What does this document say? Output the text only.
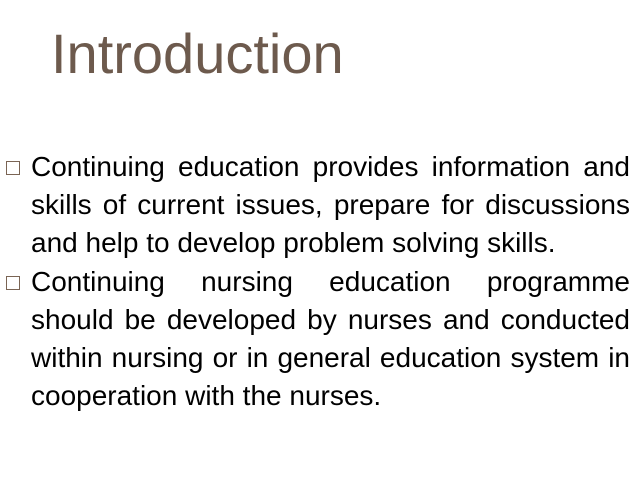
Introduction
Continuing education provides information and skills of current issues, prepare for discussions and help to develop problem solving skills.
Continuing nursing education programme should be developed by nurses and conducted within nursing or in general education system in cooperation with the nurses.
